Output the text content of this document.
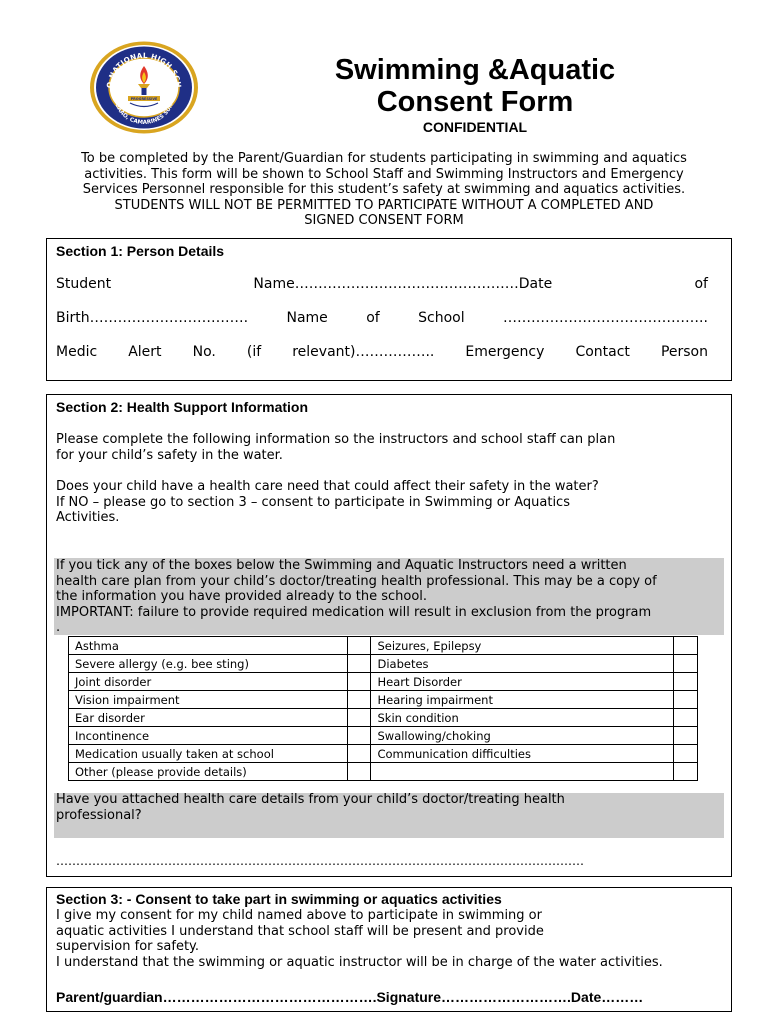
O NATIONAL HIGH SCH
BAAO, CAMARINES SUR
PROGRESSIVE
Swimming &Aquatic
Consent Form
CONFIDENTIAL
To be completed by the Parent/Guardian for students participating in swimming and aquatics
activities. This form will be shown to School Staff and Swimming Instructors and Emergency
Services Personnel responsible for this student’s safety at swimming and aquatics activities.
STUDENTS WILL NOT BE PERMITTED TO PARTICIPATE WITHOUT A COMPLETED AND
SIGNED CONSENT FORM
Section 1: Person Details
Student	Name…………………………………………Date	of
Birth…………………………….	Name	of	School	……………………………………..
Medic Alert No. (if relevant)…………….. Emergency Contact Person
Section 2: Health Support Information
Please complete the following information so the instructors and school staff can plan
for your child’s safety in the water.
Does your child have a health care need that could affect their safety in the water?
If NO – please go to section 3 – consent to participate in Swimming or Aquatics
Activities.
If you tick any of the boxes below the Swimming and Aquatic Instructors need a written
health care plan from your child’s doctor/treating health professional. This may be a copy of
the information you have provided already to the school.
IMPORTANT: failure to provide required medication will result in exclusion from the program
.
Asthma		Seizures, Epilepsy	
Severe allergy (e.g. bee sting)		Diabetes	
Joint disorder		Heart Disorder	
Vision impairment		Hearing impairment	
Ear disorder		Skin condition	
Incontinence		Swallowing/choking	
Medication usually taken at school		Communication difficulties	
Other (please provide details)			
Have you attached health care details from your child’s doctor/treating health
professional?
……………………………………………………………………………………………………………………
Section 3: - Consent to take part in swimming or aquatics activities
I give my consent for my child named above to participate in swimming or
aquatic activities I understand that school staff will be present and provide
supervision for safety.
I understand that the swimming or aquatic instructor will be in charge of the water activities.
Parent/guardian……………………………………….Signature……………………….Date………
